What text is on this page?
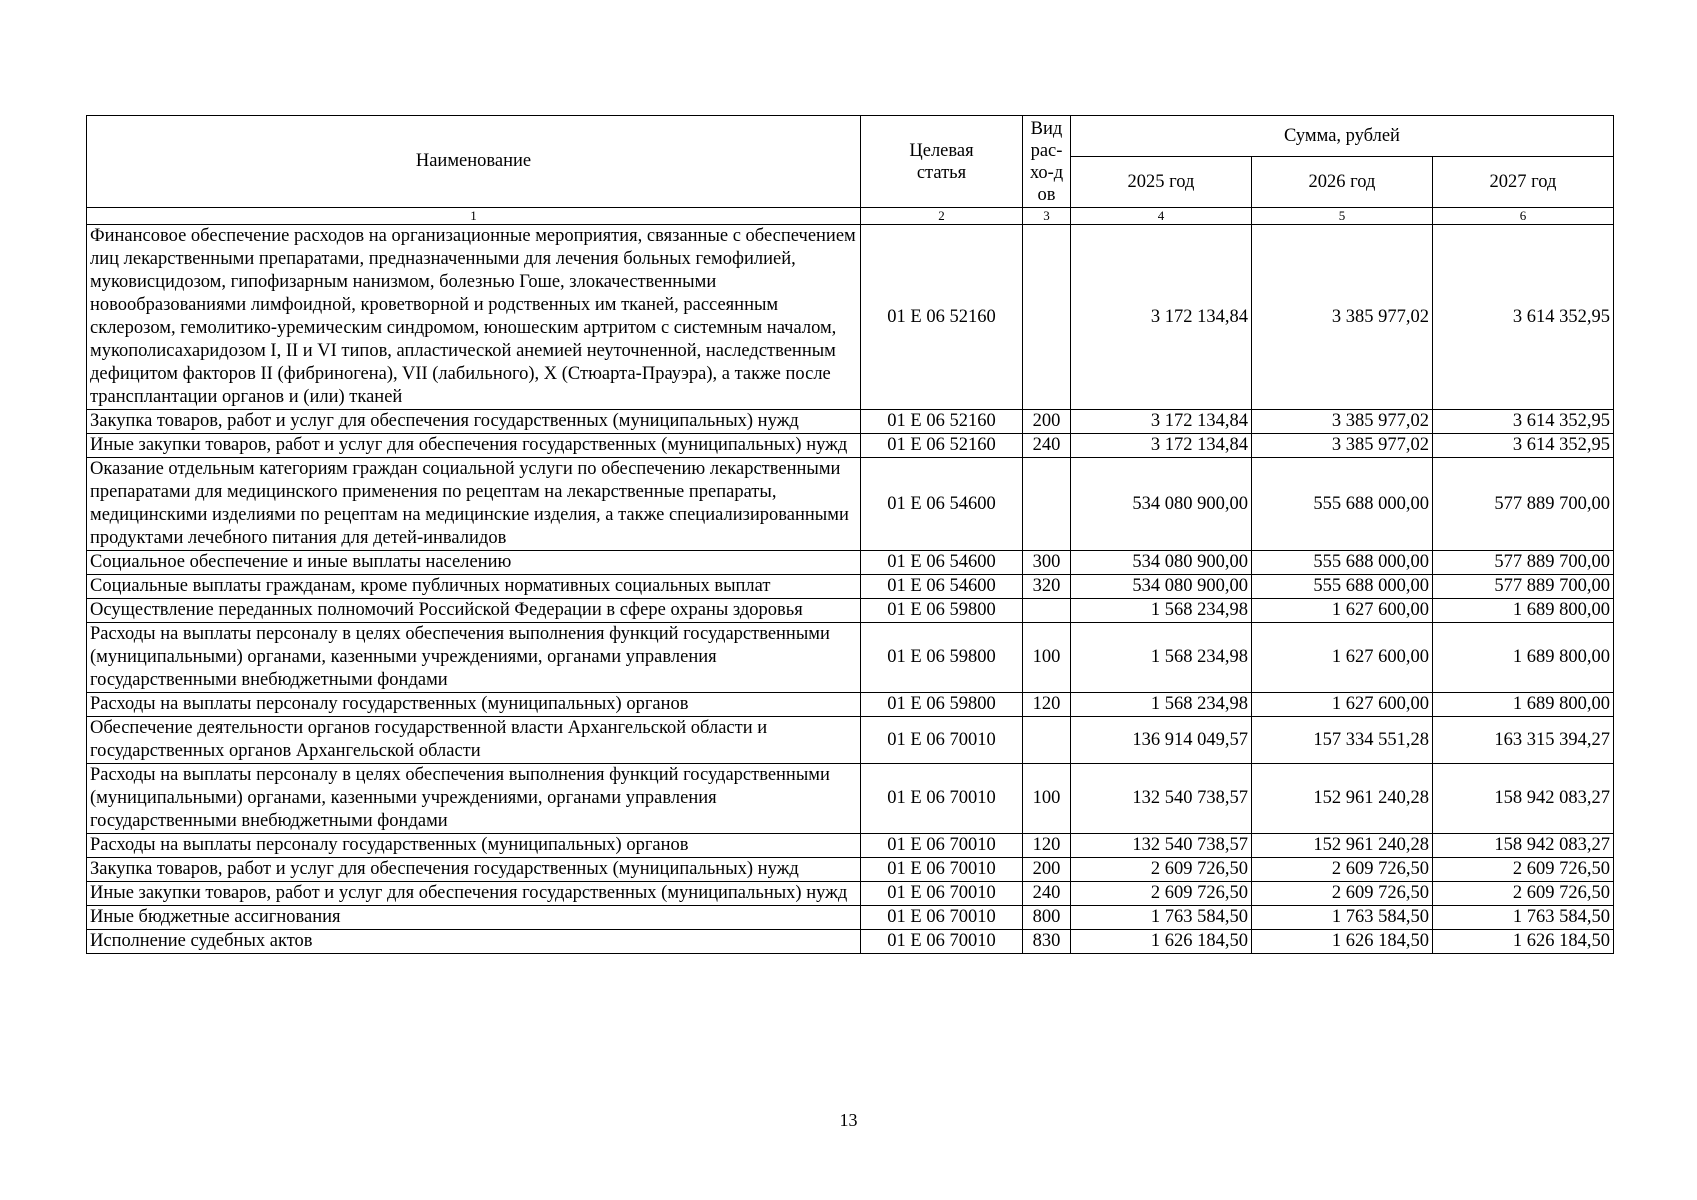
Наименование	Целевая статья	Вид рас-хо-дов	Сумма, рублей		
			2025 год	2026 год	2027 год
1	2	3	4	5	6
Финансовое обеспечение расходов на организационные мероприятия, связанные с обеспечением лиц лекарственными препаратами, предназначенными для лечения больных гемофилией, муковисцидозом, гипофизарным нанизмом, болезнью Гоше, злокачественными новообразованиями лимфоидной, кроветворной и родственных им тканей, рассеянным склерозом, гемолитико-уремическим синдромом, юношеским артритом с системным началом, мукополисахаридозом I, II и VI типов, апластической анемией неуточненной, наследственным дефицитом факторов II (фибриногена), VII (лабильного), X (Стюарта-Прауэра), а также после трансплантации органов и (или) тканей	01 Е 06 52160		3 172 134,84	3 385 977,02	3 614 352,95
Закупка товаров, работ и услуг для обеспечения государственных (муниципальных) нужд	01 Е 06 52160	200	3 172 134,84	3 385 977,02	3 614 352,95
Иные закупки товаров, работ и услуг для обеспечения государственных (муниципальных) нужд	01 Е 06 52160	240	3 172 134,84	3 385 977,02	3 614 352,95
Оказание отдельным категориям граждан социальной услуги по обеспечению лекарственными препаратами для медицинского применения по рецептам на лекарственные препараты, медицинскими изделиями по рецептам на медицинские изделия, а также специализированными продуктами лечебного питания для детей-инвалидов	01 Е 06 54600		534 080 900,00	555 688 000,00	577 889 700,00
Социальное обеспечение и иные выплаты населению	01 Е 06 54600	300	534 080 900,00	555 688 000,00	577 889 700,00
Социальные выплаты гражданам, кроме публичных нормативных социальных выплат	01 Е 06 54600	320	534 080 900,00	555 688 000,00	577 889 700,00
Осуществление переданных полномочий Российской Федерации в сфере охраны здоровья	01 Е 06 59800		1 568 234,98	1 627 600,00	1 689 800,00
Расходы на выплаты персоналу в целях обеспечения выполнения функций государственными (муниципальными) органами, казенными учреждениями, органами управления государственными внебюджетными фондами	01 Е 06 59800	100	1 568 234,98	1 627 600,00	1 689 800,00
Расходы на выплаты персоналу государственных (муниципальных) органов	01 Е 06 59800	120	1 568 234,98	1 627 600,00	1 689 800,00
Обеспечение деятельности органов государственной власти Архангельской области и государственных органов Архангельской области	01 Е 06 70010		136 914 049,57	157 334 551,28	163 315 394,27
Расходы на выплаты персоналу в целях обеспечения выполнения функций государственными (муниципальными) органами, казенными учреждениями, органами управления государственными внебюджетными фондами	01 Е 06 70010	100	132 540 738,57	152 961 240,28	158 942 083,27
Расходы на выплаты персоналу государственных (муниципальных) органов	01 Е 06 70010	120	132 540 738,57	152 961 240,28	158 942 083,27
Закупка товаров, работ и услуг для обеспечения государственных (муниципальных) нужд	01 Е 06 70010	200	2 609 726,50	2 609 726,50	2 609 726,50
Иные закупки товаров, работ и услуг для обеспечения государственных (муниципальных) нужд	01 Е 06 70010	240	2 609 726,50	2 609 726,50	2 609 726,50
Иные бюджетные ассигнования	01 Е 06 70010	800	1 763 584,50	1 763 584,50	1 763 584,50
Исполнение судебных актов	01 Е 06 70010	830	1 626 184,50	1 626 184,50	1 626 184,50
13
